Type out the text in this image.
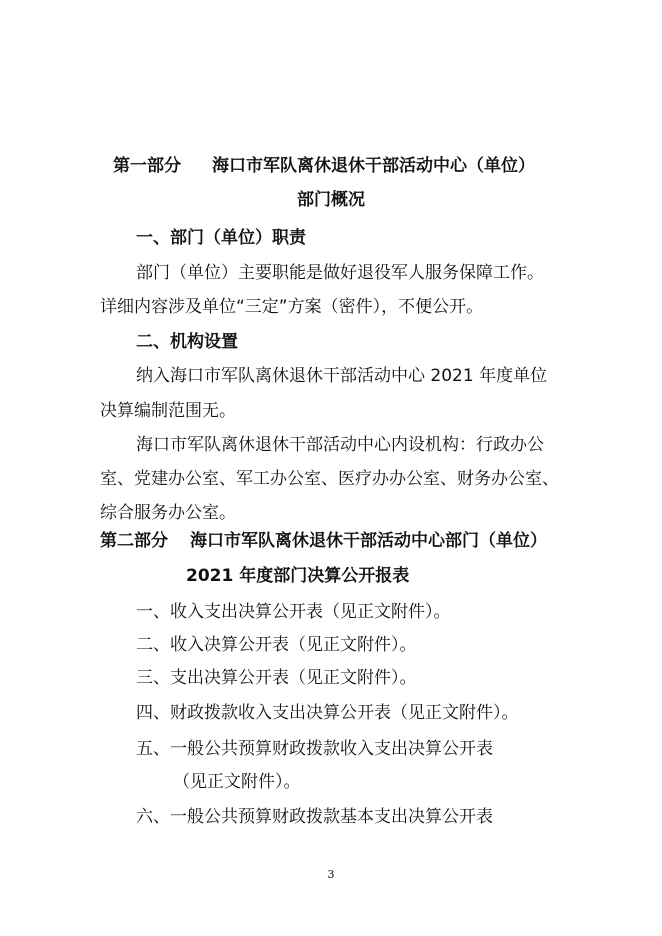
第一部分 海口市军队离休退休干部活动中心（单位）
部门概况
一、部门（单位）职责
部门（单位）主要职能是做好退役军人服务保障工作。
详细内容涉及单位“三定”方案（密件），不便公开。
二、机构设置
纳入海口市军队离休退休干部活动中心 2021 年度单位
决算编制范围无。
海口市军队离休退休干部活动中心内设机构：行政办公
室、党建办公室、军工办公室、医疗办办公室、财务办公室、
综合服务办公室。
第二部分 海口市军队离休退休干部活动中心部门（单位）
2021 年度部门决算公开报表
一、收入支出决算公开表（见正文附件）。
二、收入决算公开表（见正文附件）。
三、支出决算公开表（见正文附件）。
四、财政拨款收入支出决算公开表（见正文附件）。
五、一般公共预算财政拨款收入支出决算公开表
（见正文附件）。
六、一般公共预算财政拨款基本支出决算公开表
3
